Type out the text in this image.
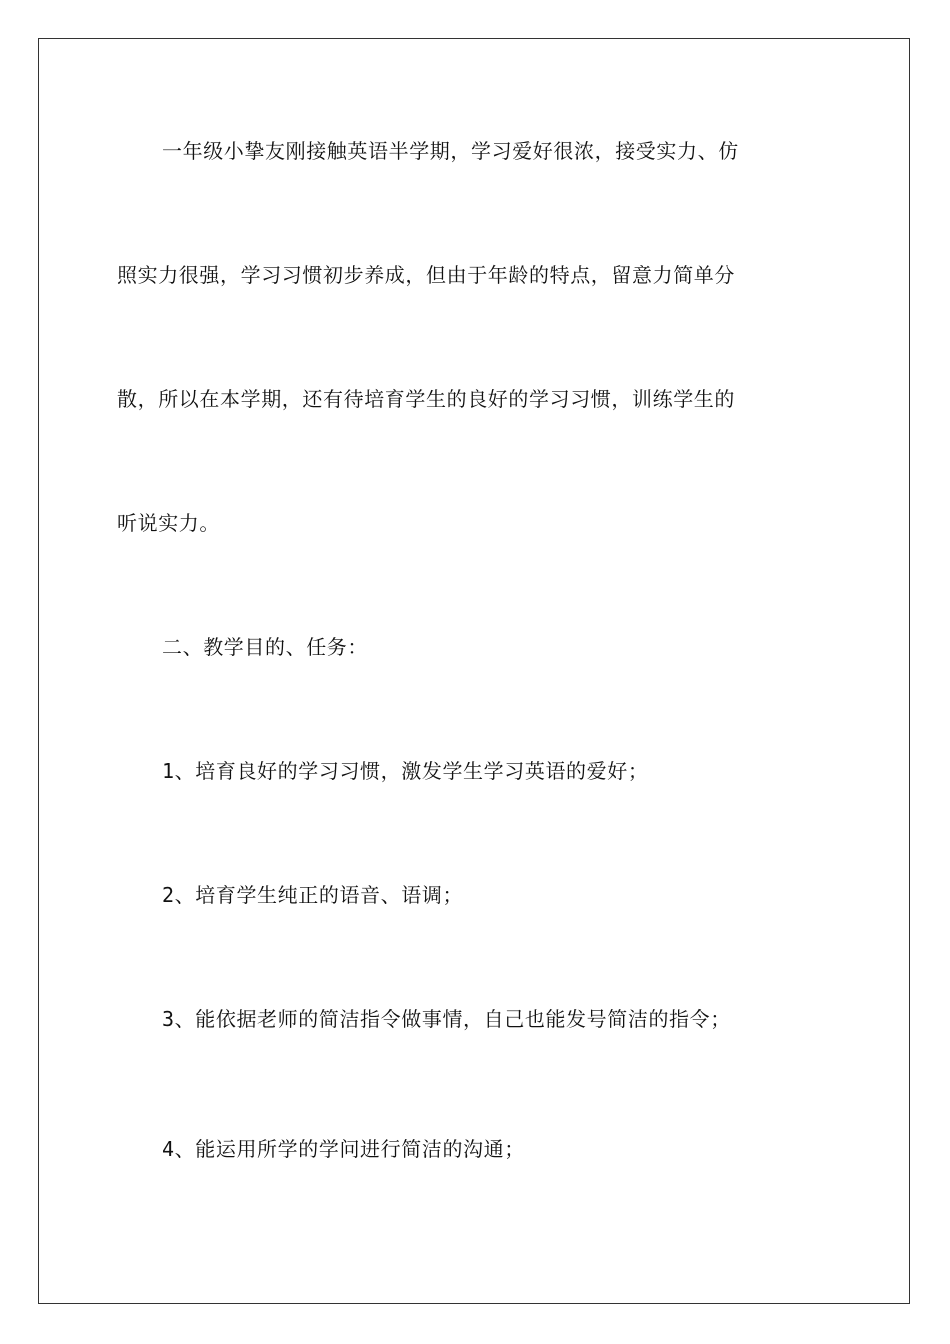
一年级小挚友刚接触英语半学期，学习爱好很浓，接受实力、仿
照实力很强，学习习惯初步养成，但由于年龄的特点，留意力简单分
散，所以在本学期，还有待培育学生的良好的学习习惯，训练学生的
听说实力。
二、教学目的、任务：
1、培育良好的学习习惯，激发学生学习英语的爱好；
2、培育学生纯正的语音、语调；
3、能依据老师的简洁指令做事情，自己也能发号简洁的指令；
4、能运用所学的学问进行简洁的沟通；
